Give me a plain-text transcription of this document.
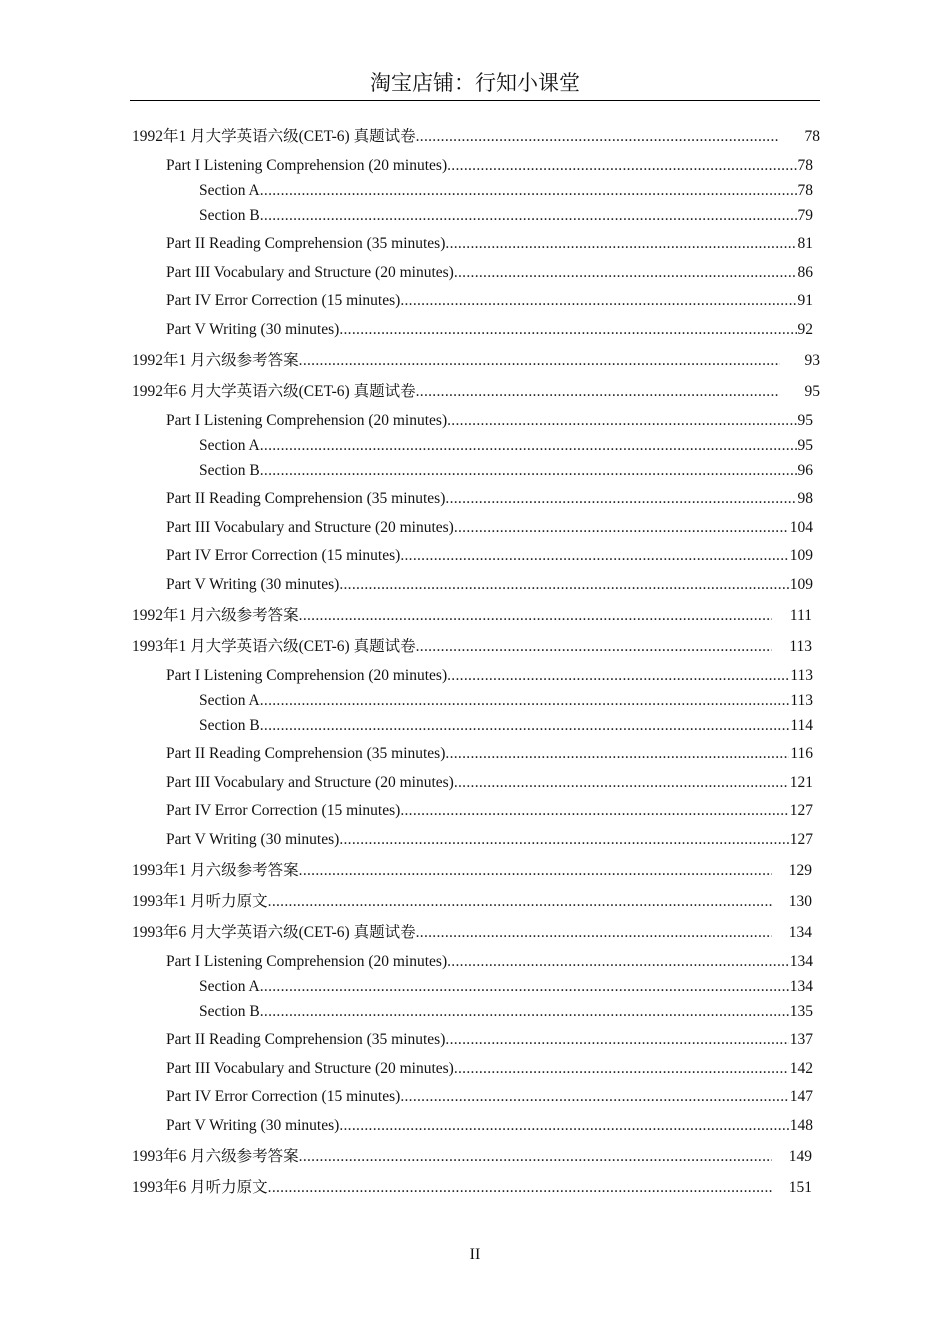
淘宝店铺：行知小课堂
1992年1 月大学英语六级(CET-6) 真题试卷 .....	78
Part I Listening Comprehension (20 minutes) .....	78
Section A .....	78
Section B .....	79
Part II Reading Comprehension (35 minutes) .....	81
Part III Vocabulary and Structure (20 minutes) .....	86
Part IV Error Correction (15 minutes) .....	91
Part V Writing (30 minutes) .....	92
1992年1 月六级参考答案 .....	93
1992年6 月大学英语六级(CET-6) 真题试卷 .....	95
Part I Listening Comprehension (20 minutes) .....	95
Section A .....	95
Section B .....	96
Part II Reading Comprehension (35 minutes) .....	98
Part III Vocabulary and Structure (20 minutes) .....	104
Part IV Error Correction (15 minutes) .....	109
Part V Writing (30 minutes) .....	109
1992年1 月六级参考答案 .....	111
1993年1 月大学英语六级(CET-6) 真题试卷 .....	113
Part I Listening Comprehension (20 minutes) .....	113
Section A .....	113
Section B .....	114
Part II Reading Comprehension (35 minutes) .....	116
Part III Vocabulary and Structure (20 minutes) .....	121
Part IV Error Correction (15 minutes) .....	127
Part V Writing (30 minutes) .....	127
1993年1 月六级参考答案 .....	129
1993年1 月听力原文 .....	130
1993年6 月大学英语六级(CET-6) 真题试卷 .....	134
Part I Listening Comprehension (20 minutes) .....	134
Section A .....	134
Section B .....	135
Part II Reading Comprehension (35 minutes) .....	137
Part III Vocabulary and Structure (20 minutes) .....	142
Part IV Error Correction (15 minutes) .....	147
Part V Writing (30 minutes) .....	148
1993年6 月六级参考答案 .....	149
1993年6 月听力原文 .....	151
II
